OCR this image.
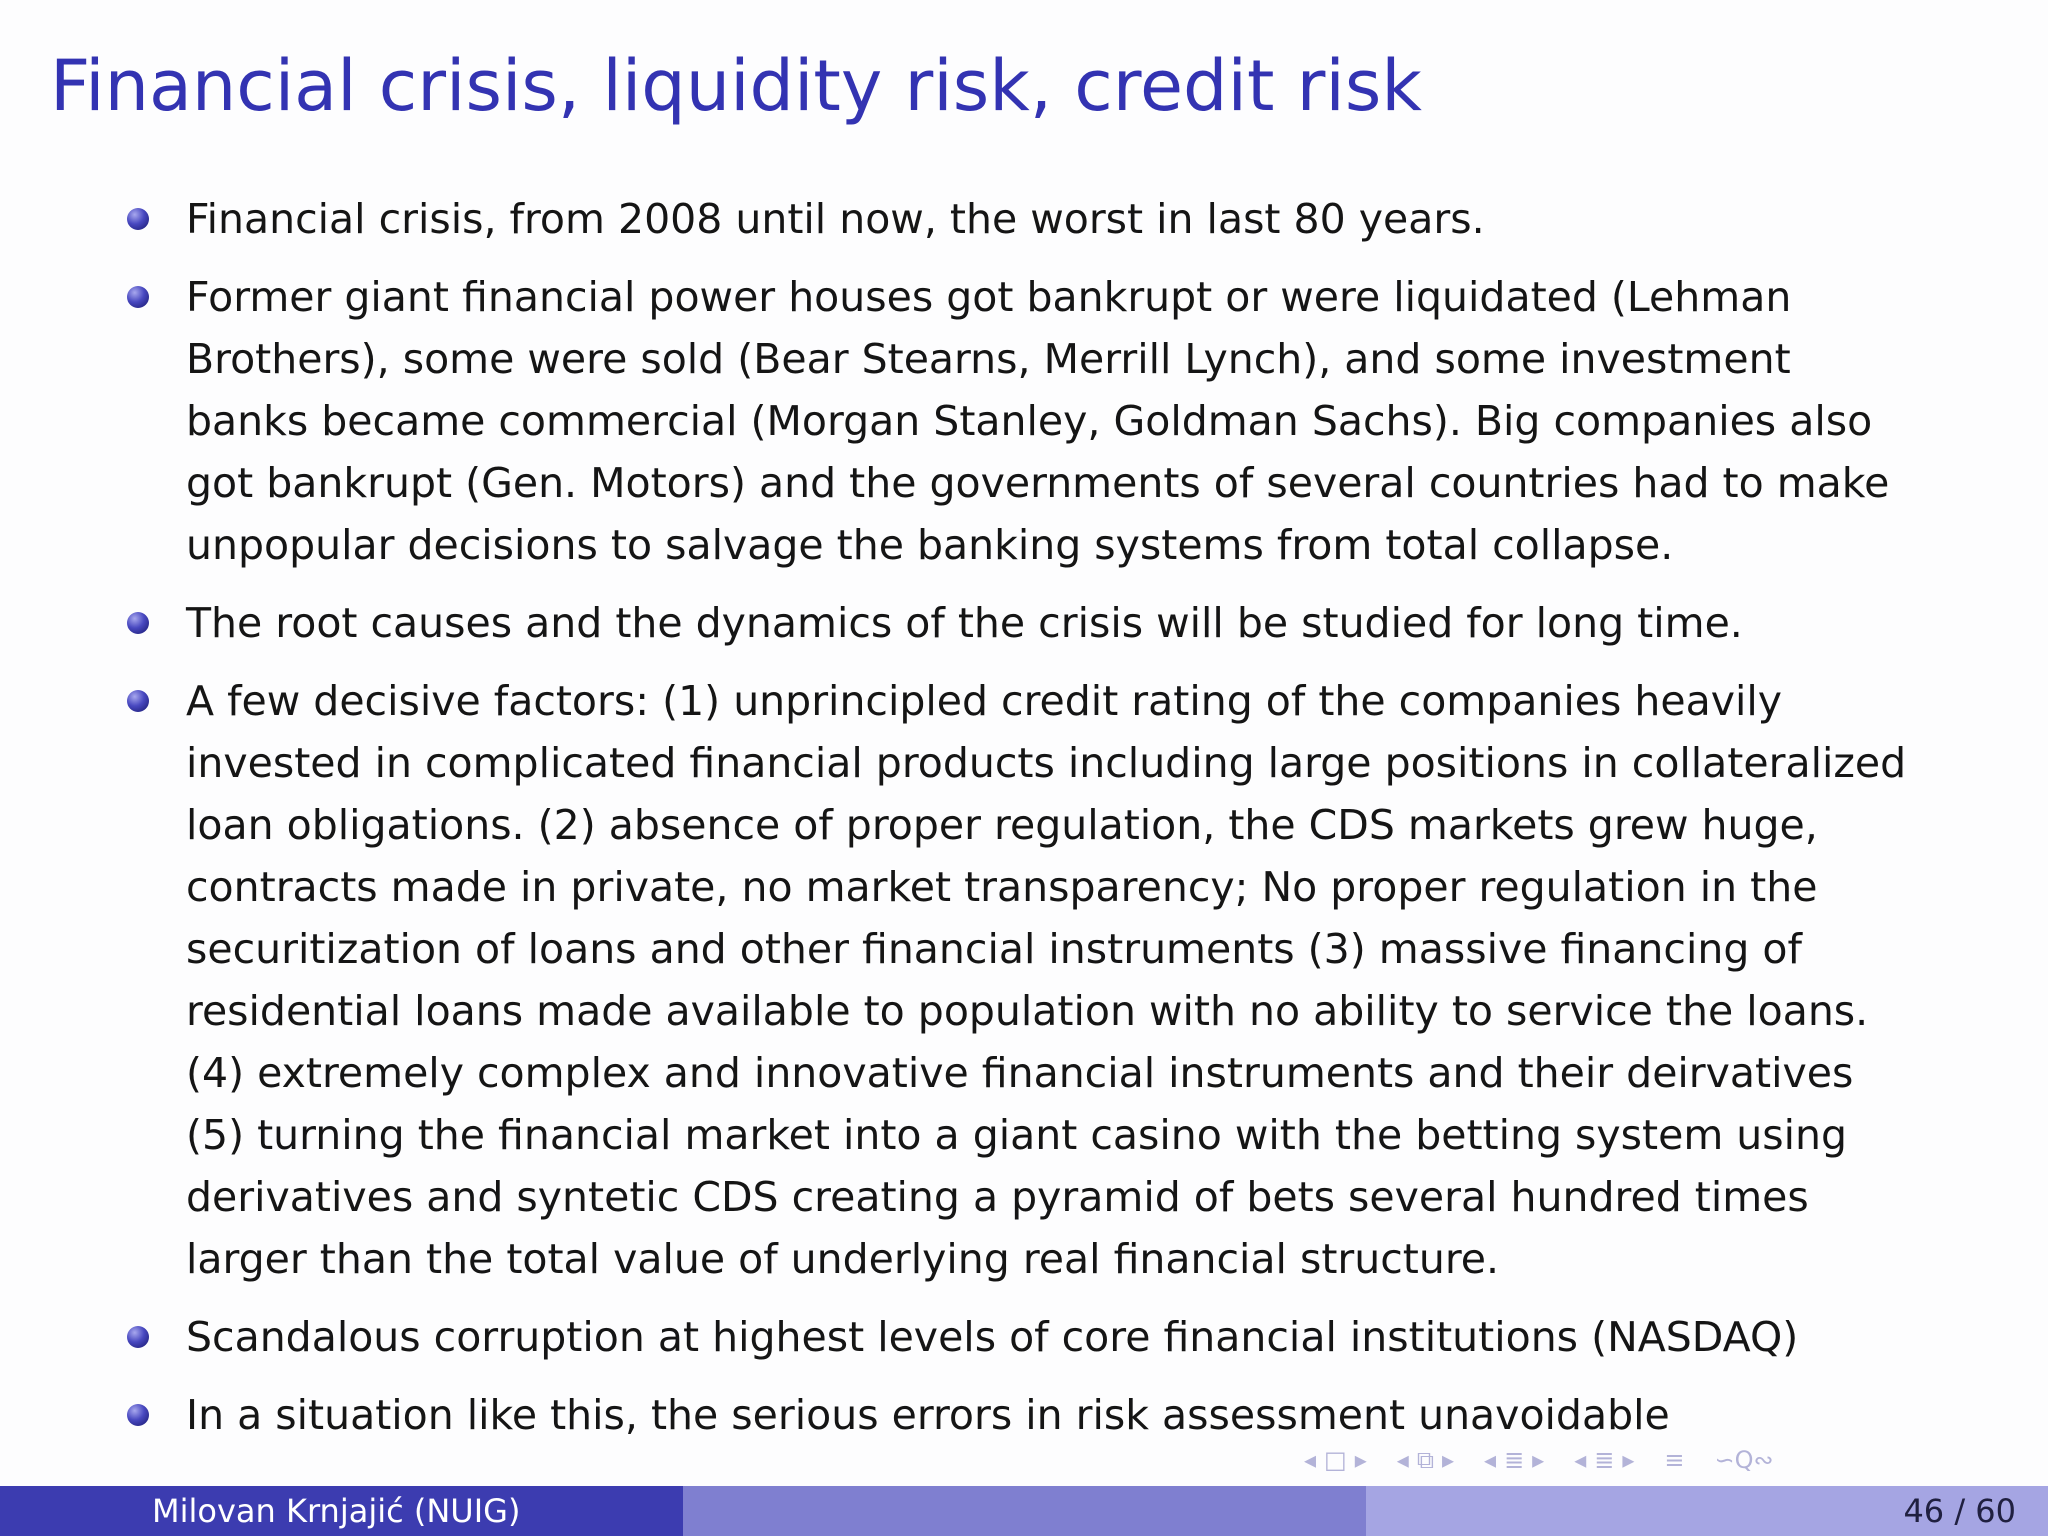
Financial crisis, liquidity risk, credit risk
Financial crisis, from 2008 until now, the worst in last 80 years.
Former giant financial power houses got bankrupt or were liquidated (Lehman
Brothers), some were sold (Bear Stearns, Merrill Lynch), and some investment
banks became commercial (Morgan Stanley, Goldman Sachs). Big companies also
got bankrupt (Gen. Motors) and the governments of several countries had to make
unpopular decisions to salvage the banking systems from total collapse.
The root causes and the dynamics of the crisis will be studied for long time.
A few decisive factors: (1) unprincipled credit rating of the companies heavily
invested in complicated financial products including large positions in collateralized
loan obligations. (2) absence of proper regulation, the CDS markets grew huge,
contracts made in private, no market transparency; No proper regulation in the
securitization of loans and other financial instruments (3) massive financing of
residential loans made available to population with no ability to service the loans.
(4) extremely complex and innovative financial instruments and their deirvatives
(5) turning the financial market into a giant casino with the betting system using
derivatives and syntetic CDS creating a pyramid of bets several hundred times
larger than the total value of underlying real financial structure.
Scandalous corruption at highest levels of core financial institutions (NASDAQ)
In a situation like this, the serious errors in risk assessment unavoidable
◂ □ ▸ ◂ ⧉ ▸ ◂ ≣ ▸ ◂ ≣ ▸ ≡ ∽Q∾
Milovan Krnjajić (NUIG)	46 / 60
